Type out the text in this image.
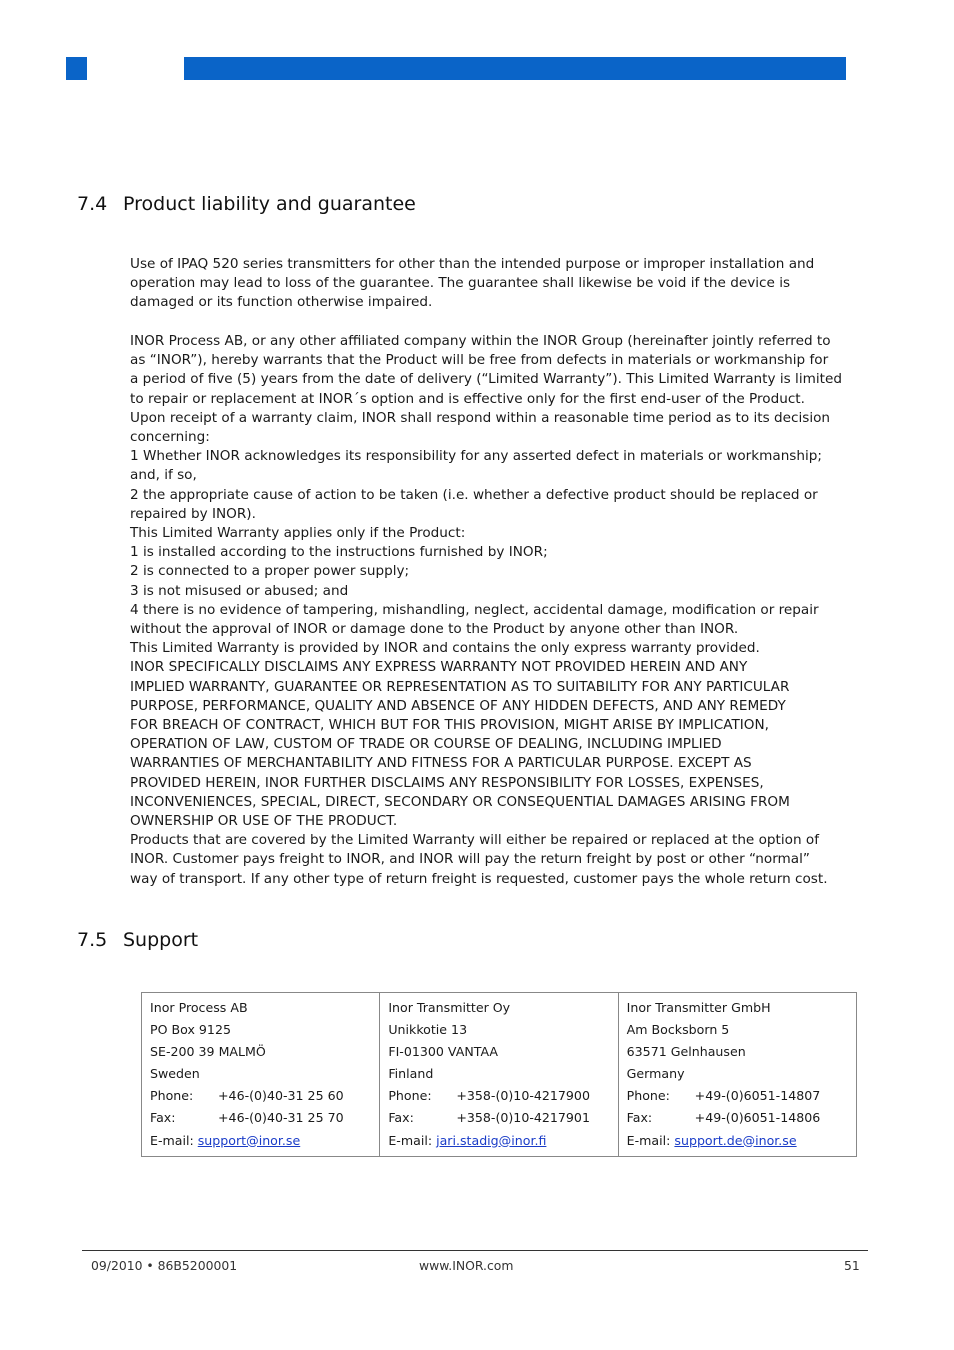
7.4 Product liability and guarantee

Use of IPAQ 520 series transmitters for other than the intended purpose or improper installation and

operation may lead to loss of the guarantee. The guarantee shall likewise be void if the device is

damaged or its function otherwise impaired.

INOR Process AB, or any other affiliated company within the INOR Group (hereinafter jointly referred to

as “INOR”), hereby warrants that the Product will be free from defects in materials or workmanship for

a period of five (5) years from the date of delivery (“Limited Warranty”). This Limited Warranty is limited

to repair or replacement at INOR´s option and is effective only for the first end-user of the Product.

Upon receipt of a warranty claim, INOR shall respond within a reasonable time period as to its decision

concerning:

1 Whether INOR acknowledges its responsibility for any asserted defect in materials or workmanship;

and, if so,

2 the appropriate cause of action to be taken (i.e. whether a defective product should be replaced or

repaired by INOR).

This Limited Warranty applies only if the Product:

1 is installed according to the instructions furnished by INOR;

2 is connected to a proper power supply;

3 is not misused or abused; and

4 there is no evidence of tampering, mishandling, neglect, accidental damage, modification or repair

without the approval of INOR or damage done to the Product by anyone other than INOR.

This Limited Warranty is provided by INOR and contains the only express warranty provided.

INOR SPECIFICALLY DISCLAIMS ANY EXPRESS WARRANTY NOT PROVIDED HEREIN AND ANY

IMPLIED WARRANTY, GUARANTEE OR REPRESENTATION AS TO SUITABILITY FOR ANY PARTICULAR

PURPOSE, PERFORMANCE, QUALITY AND ABSENCE OF ANY HIDDEN DEFECTS, AND ANY REMEDY

FOR BREACH OF CONTRACT, WHICH BUT FOR THIS PROVISION, MIGHT ARISE BY IMPLICATION,

OPERATION OF LAW, CUSTOM OF TRADE OR COURSE OF DEALING, INCLUDING IMPLIED

WARRANTIES OF MERCHANTABILITY AND FITNESS FOR A PARTICULAR PURPOSE. EXCEPT AS

PROVIDED HEREIN, INOR FURTHER DISCLAIMS ANY RESPONSIBILITY FOR LOSSES, EXPENSES,

INCONVENIENCES, SPECIAL, DIRECT, SECONDARY OR CONSEQUENTIAL DAMAGES ARISING FROM

OWNERSHIP OR USE OF THE PRODUCT.

Products that are covered by the Limited Warranty will either be repaired or replaced at the option of

INOR. Customer pays freight to INOR, and INOR will pay the return freight by post or other “normal”

way of transport. If any other type of return freight is requested, customer pays the whole return cost.

7.5 Support
Inor Process AB
PO Box 9125
SE-200 39 MALMÖ
Sweden
Phone: +46-(0)40-31 25 60
Fax:	+46-(0)40-31 25 70
E-mail: support@inor.se

Inor Transmitter Oy
Unikkotie 13
FI-01300 VANTAA
Finland
Phone: +358-(0)10-4217900
Fax:	+358-(0)10-4217901
E-mail: jari.stadig@inor.fi

Inor Transmitter GmbH
Am Bocksborn 5
63571 Gelnhausen
Germany
Phone: +49-(0)6051-14807
Fax:	+49-(0)6051-14806
E-mail: support.de@inor.se
09/2010 • 86B5200001	www.INOR.com	51
